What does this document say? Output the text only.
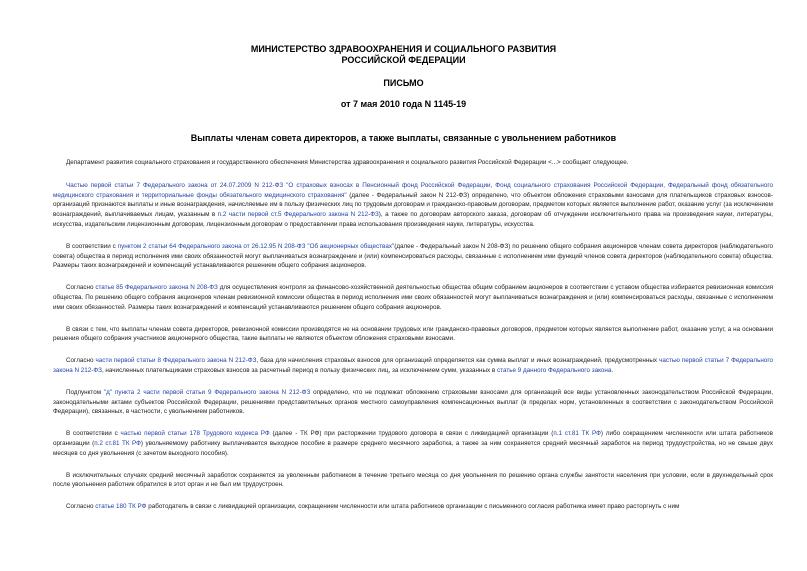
МИНИСТЕРСТВО ЗДРАВООХРАНЕНИЯ И СОЦИАЛЬНОГО РАЗВИТИЯ
РОССИЙСКОЙ ФЕДЕРАЦИИ
ПИСЬМО
от 7 мая 2010 года N 1145-19
Выплаты членам совета директоров, а также выплаты, связанные с увольнением работников

Департамент развития социального страхования и государственного обеспечения Министерства здравоохранения и социального развития Российской Федерации <...> сообщает следующее.

Частью первой статьи 7 Федерального закона от 24.07.2009 N 212-ФЗ "О страховых взносах в Пенсионный фонд Российской Федерации, Фонд социального страхования Российской Федерации, Федеральный фонд обязательного медицинского страхования и территориальные фонды обязательного медицинского страхования" (далее - Федеральный закон N 212-ФЗ) определено, что объектом обложения страховыми взносами для плательщиков страховых взносов-организаций признаются выплаты и иные вознаграждения, начисляемые им в пользу физических лиц по трудовым договорам и гражданско-правовым договорам, предметом которых является выполнение работ, оказание услуг (за исключением вознаграждений, выплачиваемых лицам, указанным в п.2 части первой ст.5 Федерального закона N 212-ФЗ), а также по договорам авторского заказа, договорам об отчуждении исключительного права на произведения науки, литературы, искусства, издательским лицензионным договорам, лицензионным договорам о предоставлении права использования произведения науки, литературы, искусства.

В соответствии с пунктом 2 статьи 64 Федерального закона от 26.12.95 N 208-ФЗ "Об акционерных обществах"(далее - Федеральный закон N 208-ФЗ) по решению общего собрания акционеров членам совета директоров (наблюдательного совета) общества в период исполнения ими своих обязанностей могут выплачиваться вознаграждение и (или) компенсироваться расходы, связанные с исполнением ими функций членов совета директоров (наблюдательного совета) общества. Размеры таких вознаграждений и компенсаций устанавливаются решением общего собрания акционеров.

Согласно статье 85 Федерального закона N 208-ФЗ для осуществления контроля за финансово-хозяйственной деятельностью общества общим собранием акционеров в соответствии с уставом общества избирается ревизионная комиссия общества. По решению общего собрания акционеров членам ревизионной комиссии общества в период исполнения ими своих обязанностей могут выплачиваться вознаграждения и (или) компенсироваться расходы, связанные с исполнением ими своих обязанностей. Размеры таких вознаграждений и компенсаций устанавливаются решением общего собрания акционеров.

В связи с тем, что выплаты членам совета директоров, ревизионной комиссии производятся не на основании трудовых или гражданско-правовых договоров, предметом которых является выполнение работ, оказание услуг, а на основании решения общего собрания участников акционерного общества, такие выплаты не являются объектом обложения страховыми взносами.

Согласно части первой статьи 8 Федерального закона N 212-ФЗ, база для начисления страховых взносов для организаций определяется как сумма выплат и иных вознаграждений, предусмотренных частью первой статьи 7 Федерального закона N 212-ФЗ, начисленных плательщиками страховых взносов за расчетный период в пользу физических лиц, за исключением сумм, указанных в статье 9 данного Федерального закона.

Подпунктом "д" пункта 2 части первой статьи 9 Федерального закона N 212-ФЗ определено, что не подлежат обложению страховыми взносами для организаций все виды установленных законодательством Российской Федерации, законодательными актами субъектов Российской Федерации, решениями представительных органов местного самоуправления компенсационных выплат (в пределах норм, установленных в соответствии с законодательством Российской Федерации), связанных, в частности, с увольнением работников.

В соответствии с частью первой статьи 178 Трудового кодекса РФ (далее - ТК РФ) при расторжении трудового договора в связи с ликвидацией организации (п.1 ст.81 ТК РФ) либо сокращением численности или штата работников организации (п.2 ст.81 ТК РФ) увольняемому работнику выплачивается выходное пособие в размере среднего месячного заработка, а также за ним сохраняется средний месячный заработок на период трудоустройства, но не свыше двух месяцев со дня увольнения (с зачетом выходного пособия).

В исключительных случаях средний месячный заработок сохраняется за уволенным работником в течение третьего месяца со дня увольнения по решению органа службы занятости населения при условии, если в двухнедельный срок после увольнения работник обратился в этот орган и не был им трудоустроен.

Согласно статье 180 ТК РФ работодатель в связи с ликвидацией организации, сокращением численности или штата работников организации с письменного согласия работника имеет право расторгнуть с ним
